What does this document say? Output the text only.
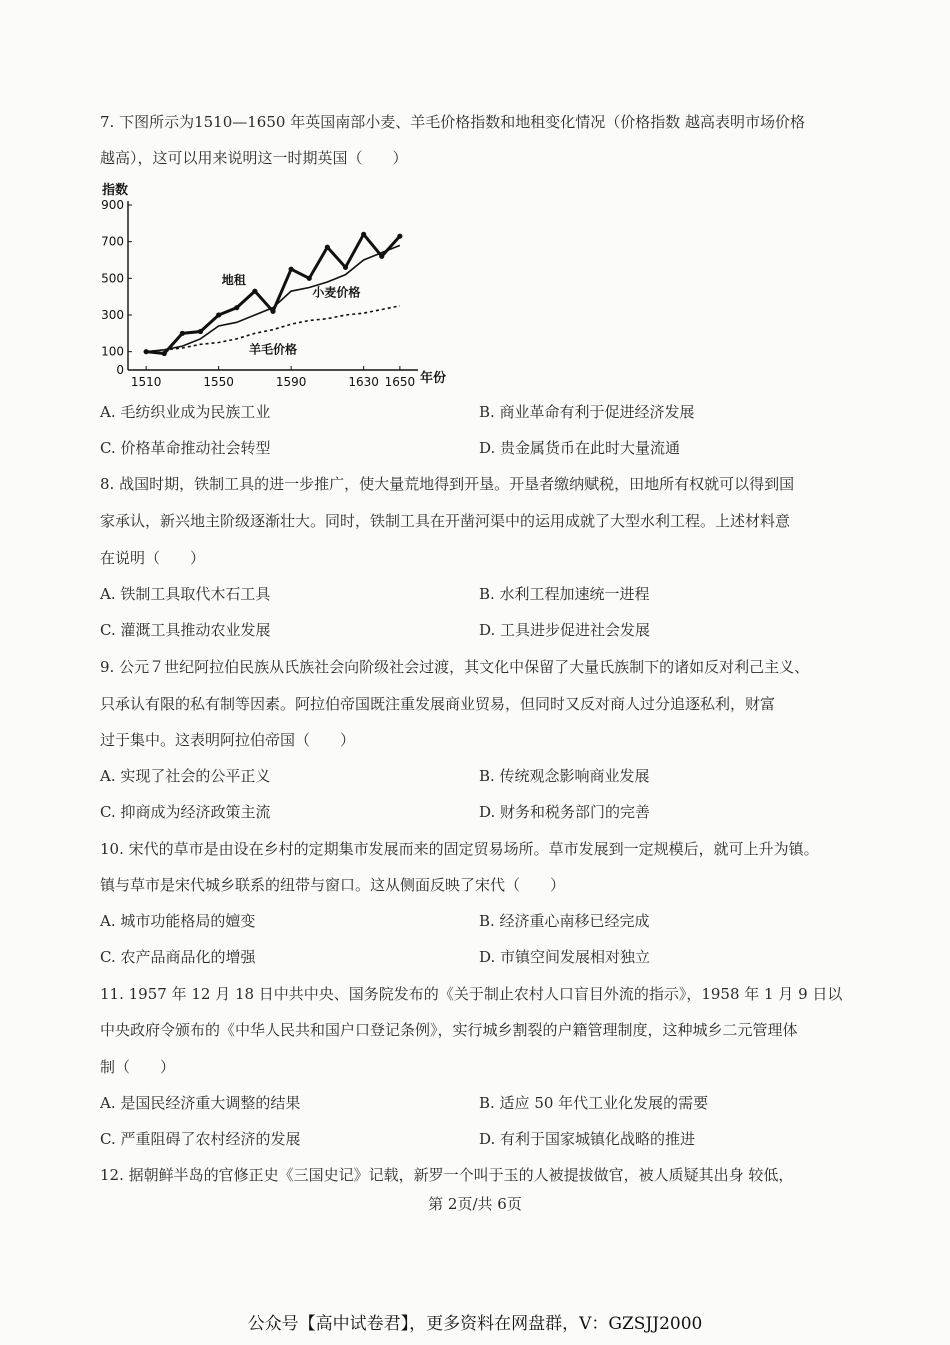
7. 下图所示为1510—1650 年英国南部小麦、羊毛价格指数和地租变化情况（价格指数 越高表明市场价格
越高），这可以用来说明这一时期英国（　　）
指数
年份
900
700
500
300
100
0
1510	1550	1590	1630 1650
地租
小麦价格
羊毛价格
A. 毛纺织业成为民族工业	B. 商业革命有利于促进经济发展
C. 价格革命推动社会转型	D. 贵金属货币在此时大量流通
8. 战国时期，铁制工具的进一步推广，使大量荒地得到开垦。开垦者缴纳赋税，田地所有权就可以得到国
家承认，新兴地主阶级逐渐壮大。同时，铁制工具在开凿河渠中的运用成就了大型水利工程。上述材料意
在说明（　　）
A. 铁制工具取代木石工具	B. 水利工程加速统一进程
C. 灌溉工具推动农业发展	D. 工具进步促进社会发展
9. 公元７世纪阿拉伯民族从氏族社会向阶级社会过渡，其文化中保留了大量氏族制下的诸如反对利己主义、
只承认有限的私有制等因素。阿拉伯帝国既注重发展商业贸易，但同时又反对商人过分追逐私利，财富
过于集中。这表明阿拉伯帝国（　　）
A. 实现了社会的公平正义	B. 传统观念影响商业发展
C. 抑商成为经济政策主流	D. 财务和税务部门的完善
10. 宋代的草市是由设在乡村的定期集市发展而来的固定贸易场所。草市发展到一定规模后，就可上升为镇。
镇与草市是宋代城乡联系的纽带与窗口。这从侧面反映了宋代（　　）
A. 城市功能格局的嬗变	B. 经济重心南移已经完成
C. 农产品商品化的增强	D. 市镇空间发展相对独立
11. 1957 年 12 月 18 日中共中央、国务院发布的《关于制止农村人口盲目外流的指示》，1958 年 1 月 9 日以
中央政府令颁布的《中华人民共和国户口登记条例》，实行城乡割裂的户籍管理制度，这种城乡二元管理体
制（　　）
A. 是国民经济重大调整的结果	B. 适应 50 年代工业化发展的需要
C. 严重阻碍了农村经济的发展	D. 有利于国家城镇化战略的推进
12. 据朝鲜半岛的官修正史《三国史记》记载，新罗一个叫于玉的人被提拔做官，被人质疑其出身 较低，
第 2页/共 6页
公众号【高中试卷君】，更多资料在网盘群，V：GZSJJ2000
